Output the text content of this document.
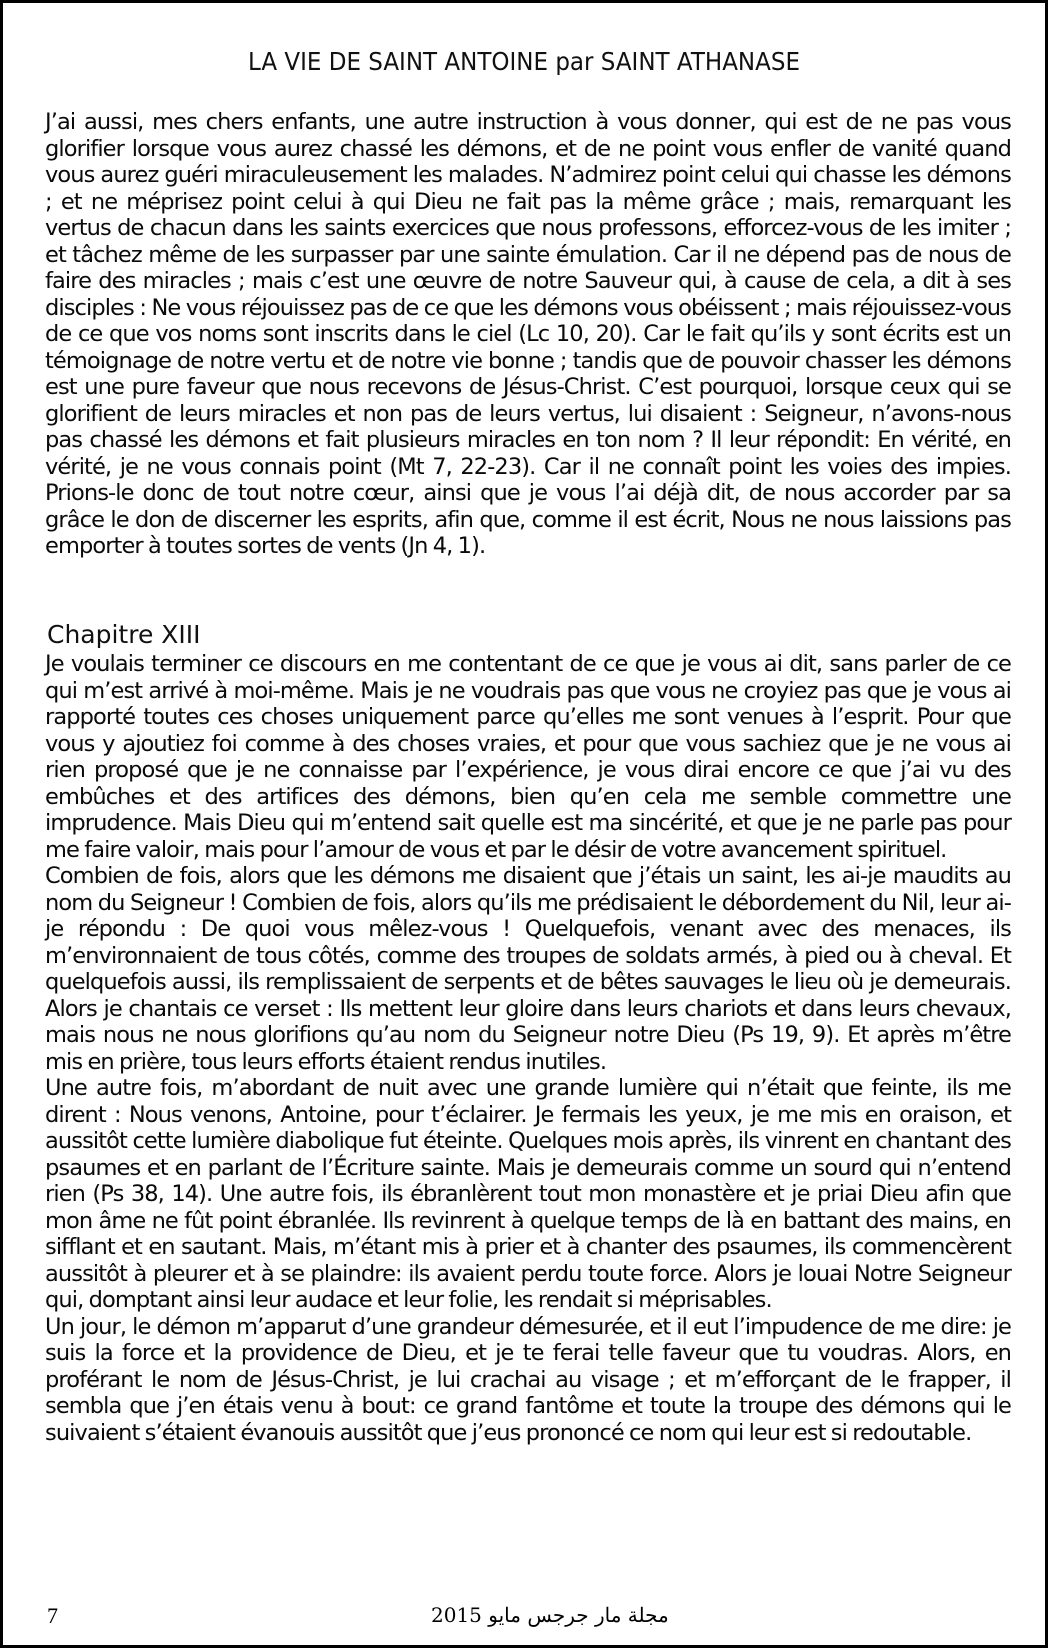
LA VIE DE SAINT ANTOINE par SAINT ATHANASE

J’ai aussi, mes chers enfants, une autre instruction à vous donner, qui est de ne pas vous glorifier lorsque vous aurez chassé les démons, et de ne point vous enfler de vanité quand vous aurez guéri miraculeusement les malades. N’admirez point celui qui chasse les démons ; et ne méprisez point celui à qui Dieu ne fait pas la même grâce ; mais, remarquant les vertus de chacun dans les saints exercices que nous professons, efforcez-vous de les imiter ; et tâchez même de les surpasser par une sainte émulation. Car il ne dépend pas de nous de faire des miracles ; mais c’est une œuvre de notre Sauveur qui, à cause de cela, a dit à ses disciples : Ne vous réjouissez pas de ce que les démons vous obéissent ; mais réjouissez-vous de ce que vos noms sont inscrits dans le ciel (Lc 10, 20). Car le fait qu’ils y sont écrits est un témoignage de notre vertu et de notre vie bonne ; tandis que de pouvoir chasser les démons est une pure faveur que nous recevons de Jésus-Christ. C’est pourquoi, lorsque ceux qui se glorifient de leurs miracles et non pas de leurs vertus, lui disaient : Seigneur, n’avons-nous pas chassé les démons et fait plusieurs miracles en ton nom ? Il leur répondit: En vérité, en vérité, je ne vous connais point (Mt 7, 22-23). Car il ne connaît point les voies des impies. Prions-le donc de tout notre cœur, ainsi que je vous l’ai déjà dit, de nous accorder par sa grâce le don de discerner les esprits, afin que, comme il est écrit, Nous ne nous laissions pas emporter à toutes sortes de vents (Jn 4, 1).

Chapitre XIII

Je voulais terminer ce discours en me contentant de ce que je vous ai dit, sans parler de ce qui m’est arrivé à moi-même. Mais je ne voudrais pas que vous ne croyiez pas que je vous ai rapporté toutes ces choses uniquement parce qu’elles me sont venues à l’esprit. Pour que vous y ajoutiez foi comme à des choses vraies, et pour que vous sachiez que je ne vous ai rien proposé que je ne connaisse par l’expérience, je vous dirai encore ce que j’ai vu des embûches et des artifices des démons, bien qu’en cela me semble commettre une imprudence. Mais Dieu qui m’entend sait quelle est ma sincérité, et que je ne parle pas pour me faire valoir, mais pour l’amour de vous et par le désir de votre avancement spirituel.

Combien de fois, alors que les démons me disaient que j’étais un saint, les ai-je maudits au nom du Seigneur ! Combien de fois, alors qu’ils me prédisaient le débordement du Nil, leur ai-je répondu : De quoi vous mêlez-vous ! Quelquefois, venant avec des menaces, ils m’environnaient de tous côtés, comme des troupes de soldats armés, à pied ou à cheval. Et quelquefois aussi, ils remplissaient de serpents et de bêtes sauvages le lieu où je demeurais. Alors je chantais ce verset : Ils mettent leur gloire dans leurs chariots et dans leurs chevaux, mais nous ne nous glorifions qu’au nom du Seigneur notre Dieu (Ps 19, 9). Et après m’être mis en prière, tous leurs efforts étaient rendus inutiles.

Une autre fois, m’abordant de nuit avec une grande lumière qui n’était que feinte, ils me dirent : Nous venons, Antoine, pour t’éclairer. Je fermais les yeux, je me mis en oraison, et aussitôt cette lumière diabolique fut éteinte. Quelques mois après, ils vinrent en chantant des psaumes et en parlant de l’Écriture sainte. Mais je demeurais comme un sourd qui n’entend rien (Ps 38, 14). Une autre fois, ils ébranlèrent tout mon monastère et je priai Dieu afin que mon âme ne fût point ébranlée. Ils revinrent à quelque temps de là en battant des mains, en sifflant et en sautant. Mais, m’étant mis à prier et à chanter des psaumes, ils commencèrent aussitôt à pleurer et à se plaindre: ils avaient perdu toute force. Alors je louai Notre Seigneur qui, domptant ainsi leur audace et leur folie, les rendait si méprisables.

Un jour, le démon m’apparut d’une grandeur démesurée, et il eut l’impudence de me dire: je suis la force et la providence de Dieu, et je te ferai telle faveur que tu voudras. Alors, en proférant le nom de Jésus-Christ, je lui crachai au visage ; et m’efforçant de le frapper, il sembla que j’en étais venu à bout: ce grand fantôme et toute la troupe des démons qui le suivaient s’étaient évanouis aussitôt que j’eus prononcé ce nom qui leur est si redoutable.

7	مجلة مار جرجس مايو 2015
